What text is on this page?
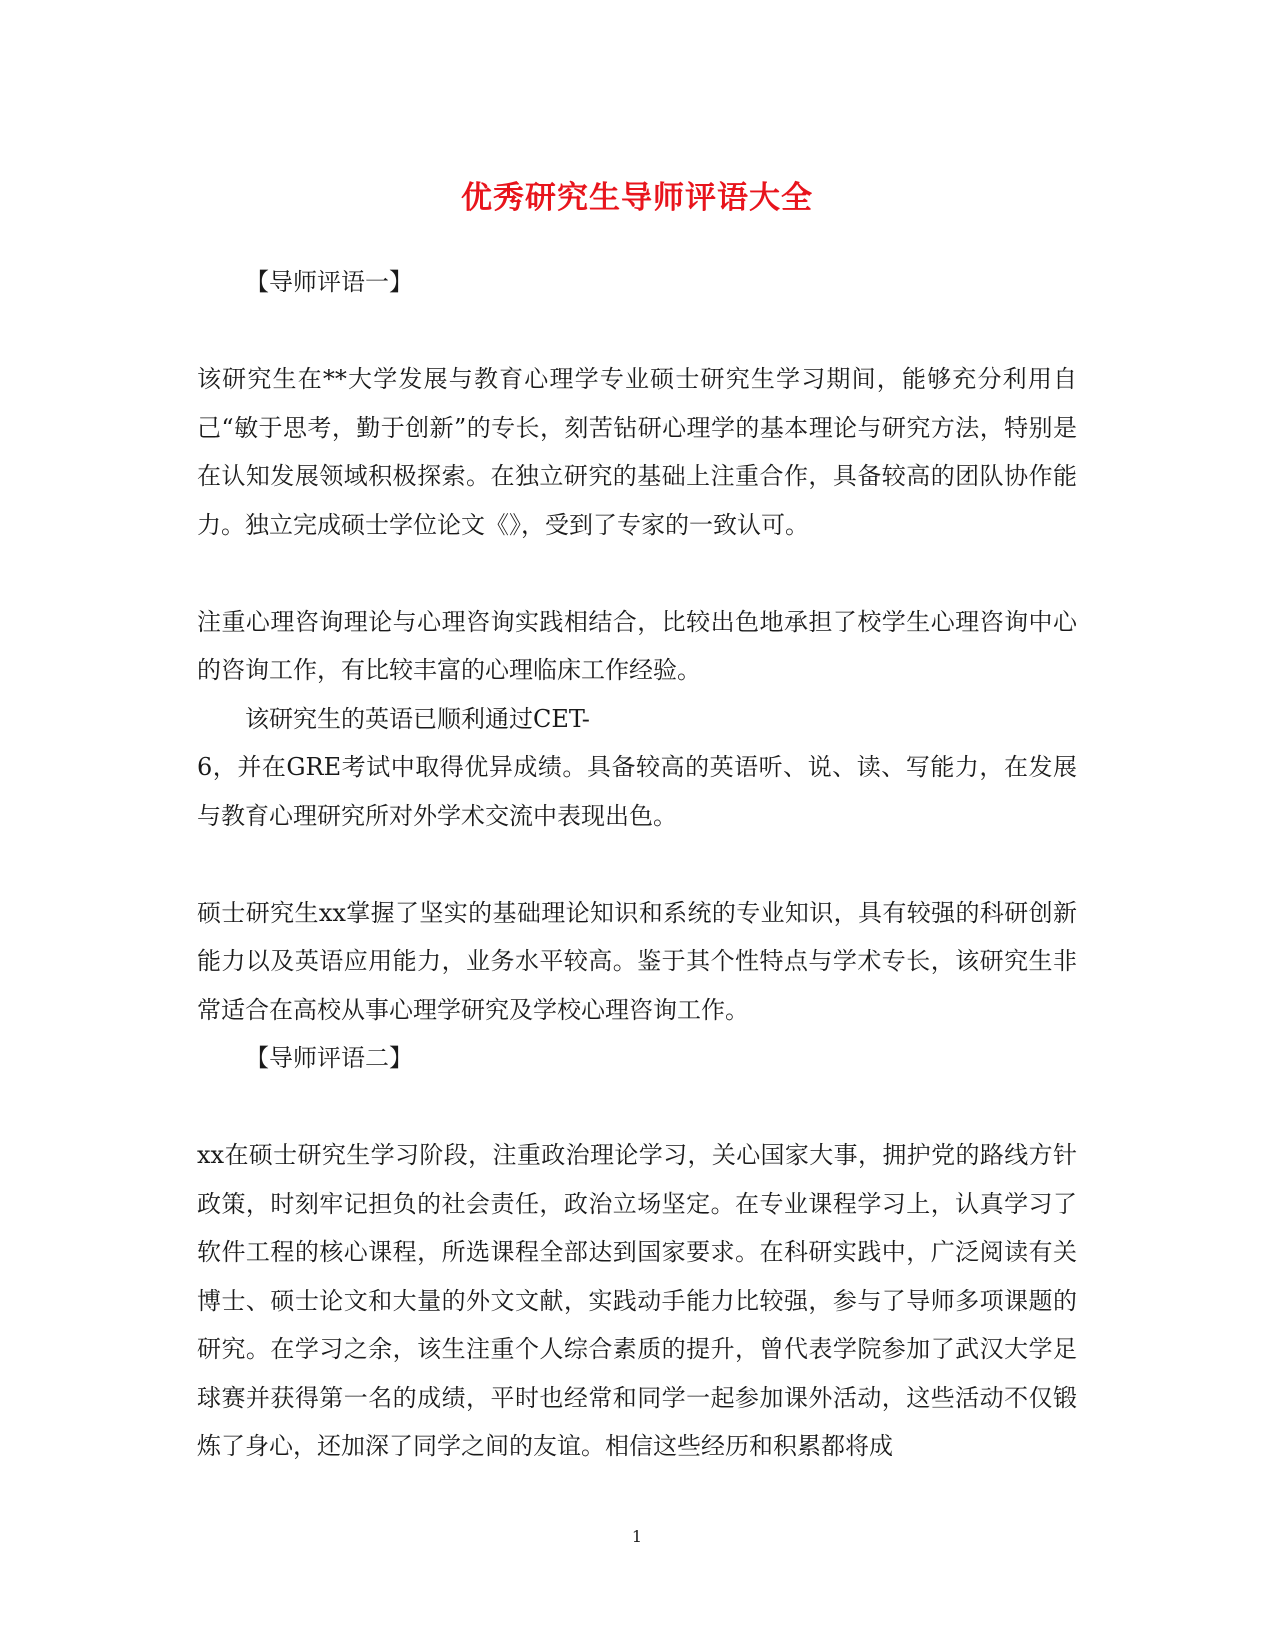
优秀研究生导师评语大全

【导师评语一】

该研究生在**大学发展与教育心理学专业硕士研究生学习期间，能够充分利用自己“敏于思考，勤于创新”的专长，刻苦钻研心理学的基本理论与研究方法，特别是在认知发展领域积极探索。在独立研究的基础上注重合作，具备较高的团队协作能力。独立完成硕士学位论文《》，受到了专家的一致认可。

注重心理咨询理论与心理咨询实践相结合，比较出色地承担了校学生心理咨询中心的咨询工作，有比较丰富的心理临床工作经验。

该研究生的英语已顺利通过CET-

6，并在GRE考试中取得优异成绩。具备较高的英语听、说、读、写能力，在发展与教育心理研究所对外学术交流中表现出色。

硕士研究生xx掌握了坚实的基础理论知识和系统的专业知识，具有较强的科研创新能力以及英语应用能力，业务水平较高。鉴于其个性特点与学术专长，该研究生非常适合在高校从事心理学研究及学校心理咨询工作。

【导师评语二】

xx在硕士研究生学习阶段，注重政治理论学习，关心国家大事，拥护党的路线方针政策，时刻牢记担负的社会责任，政治立场坚定。在专业课程学习上，认真学习了软件工程的核心课程，所选课程全部达到国家要求。在科研实践中，广泛阅读有关博士、硕士论文和大量的外文文献，实践动手能力比较强，参与了导师多项课题的研究。在学习之余，该生注重个人综合素质的提升，曾代表学院参加了武汉大学足球赛并获得第一名的成绩，平时也经常和同学一起参加课外活动，这些活动不仅锻炼了身心，还加深了同学之间的友谊。相信这些经历和积累都将成

1
